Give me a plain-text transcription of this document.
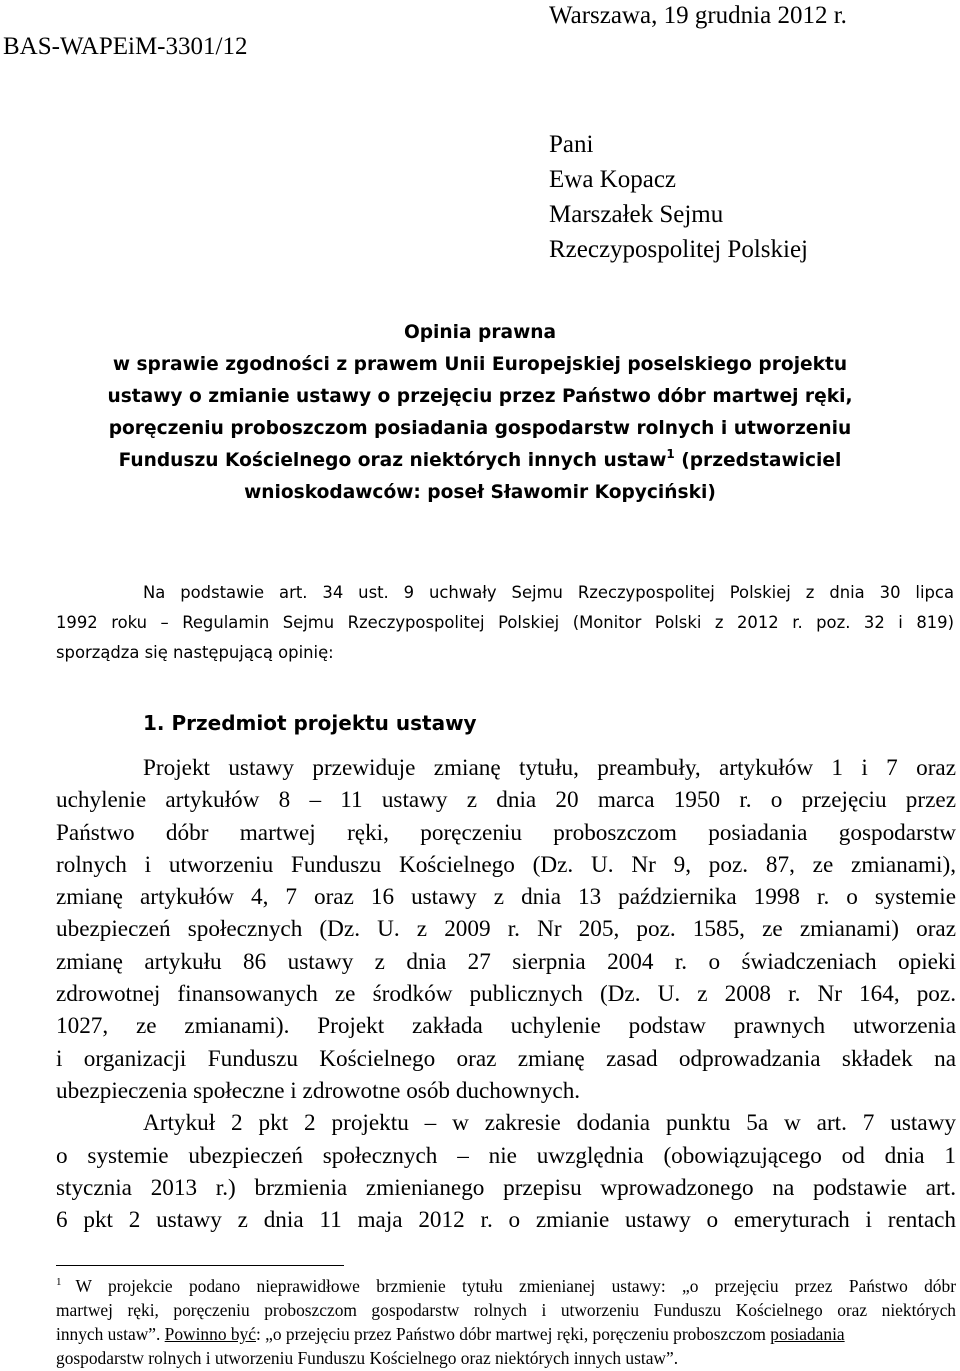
BAS-WAPEiM-3301/12
Warszawa, 19 grudnia 2012 r.
Pani
Ewa Kopacz
Marszałek Sejmu
Rzeczypospolitej Polskiej
Opinia prawna
w sprawie zgodności z prawem Unii Europejskiej poselskiego projektu
ustawy o zmianie ustawy o przejęciu przez Państwo dóbr martwej ręki,
poręczeniu proboszczom posiadania gospodarstw rolnych i utworzeniu
Funduszu Kościelnego oraz niektórych innych ustaw$^1$ (przedstawiciel
wnioskodawców: poseł Sławomir Kopyciński)
Na podstawie art. 34 ust. 9 uchwały Sejmu Rzeczypospolitej Polskiej z dnia 30 lipca
1992 roku – Regulamin Sejmu Rzeczypospolitej Polskiej (Monitor Polski z 2012 r. poz. 32 i 819)
sporządza się następującą opinię:
1. Przedmiot projektu ustawy
Projekt ustawy przewiduje zmianę tytułu, preambuły, artykułów 1 i 7 oraz
uchylenie artykułów 8 – 11 ustawy z dnia 20 marca 1950 r. o przejęciu przez
Państwo dóbr martwej ręki, poręczeniu proboszczom posiadania gospodarstw
rolnych i utworzeniu Funduszu Kościelnego (Dz. U. Nr 9, poz. 87, ze zmianami),
zmianę artykułów 4, 7 oraz 16 ustawy z dnia 13 października 1998 r. o systemie
ubezpieczeń społecznych (Dz. U. z 2009 r. Nr 205, poz. 1585, ze zmianami) oraz
zmianę artykułu 86 ustawy z dnia 27 sierpnia 2004 r. o świadczeniach opieki
zdrowotnej finansowanych ze środków publicznych (Dz. U. z 2008 r. Nr 164, poz.
1027, ze zmianami). Projekt zakłada uchylenie podstaw prawnych utworzenia
i organizacji Funduszu Kościelnego oraz zmianę zasad odprowadzania składek na
ubezpieczenia społeczne i zdrowotne osób duchownych.
Artykuł 2 pkt 2 projektu – w zakresie dodania punktu 5a w art. 7 ustawy
o systemie ubezpieczeń społecznych – nie uwzględnia (obowiązującego od dnia 1
stycznia 2013 r.) brzmienia zmienianego przepisu wprowadzonego na podstawie art.
6 pkt 2 ustawy z dnia 11 maja 2012 r. o zmianie ustawy o emeryturach i rentach
$^1$ W projekcie podano nieprawidłowe brzmienie tytułu zmienianej ustawy: „o przejęciu przez Państwo dóbr
martwej ręki, poręczeniu proboszczom gospodarstw rolnych i utworzeniu Funduszu Kościelnego oraz niektórych
innych ustaw”. Powinno być: „o przejęciu przez Państwo dóbr martwej ręki, poręczeniu proboszczom posiadania
gospodarstw rolnych i utworzeniu Funduszu Kościelnego oraz niektórych innych ustaw”.
